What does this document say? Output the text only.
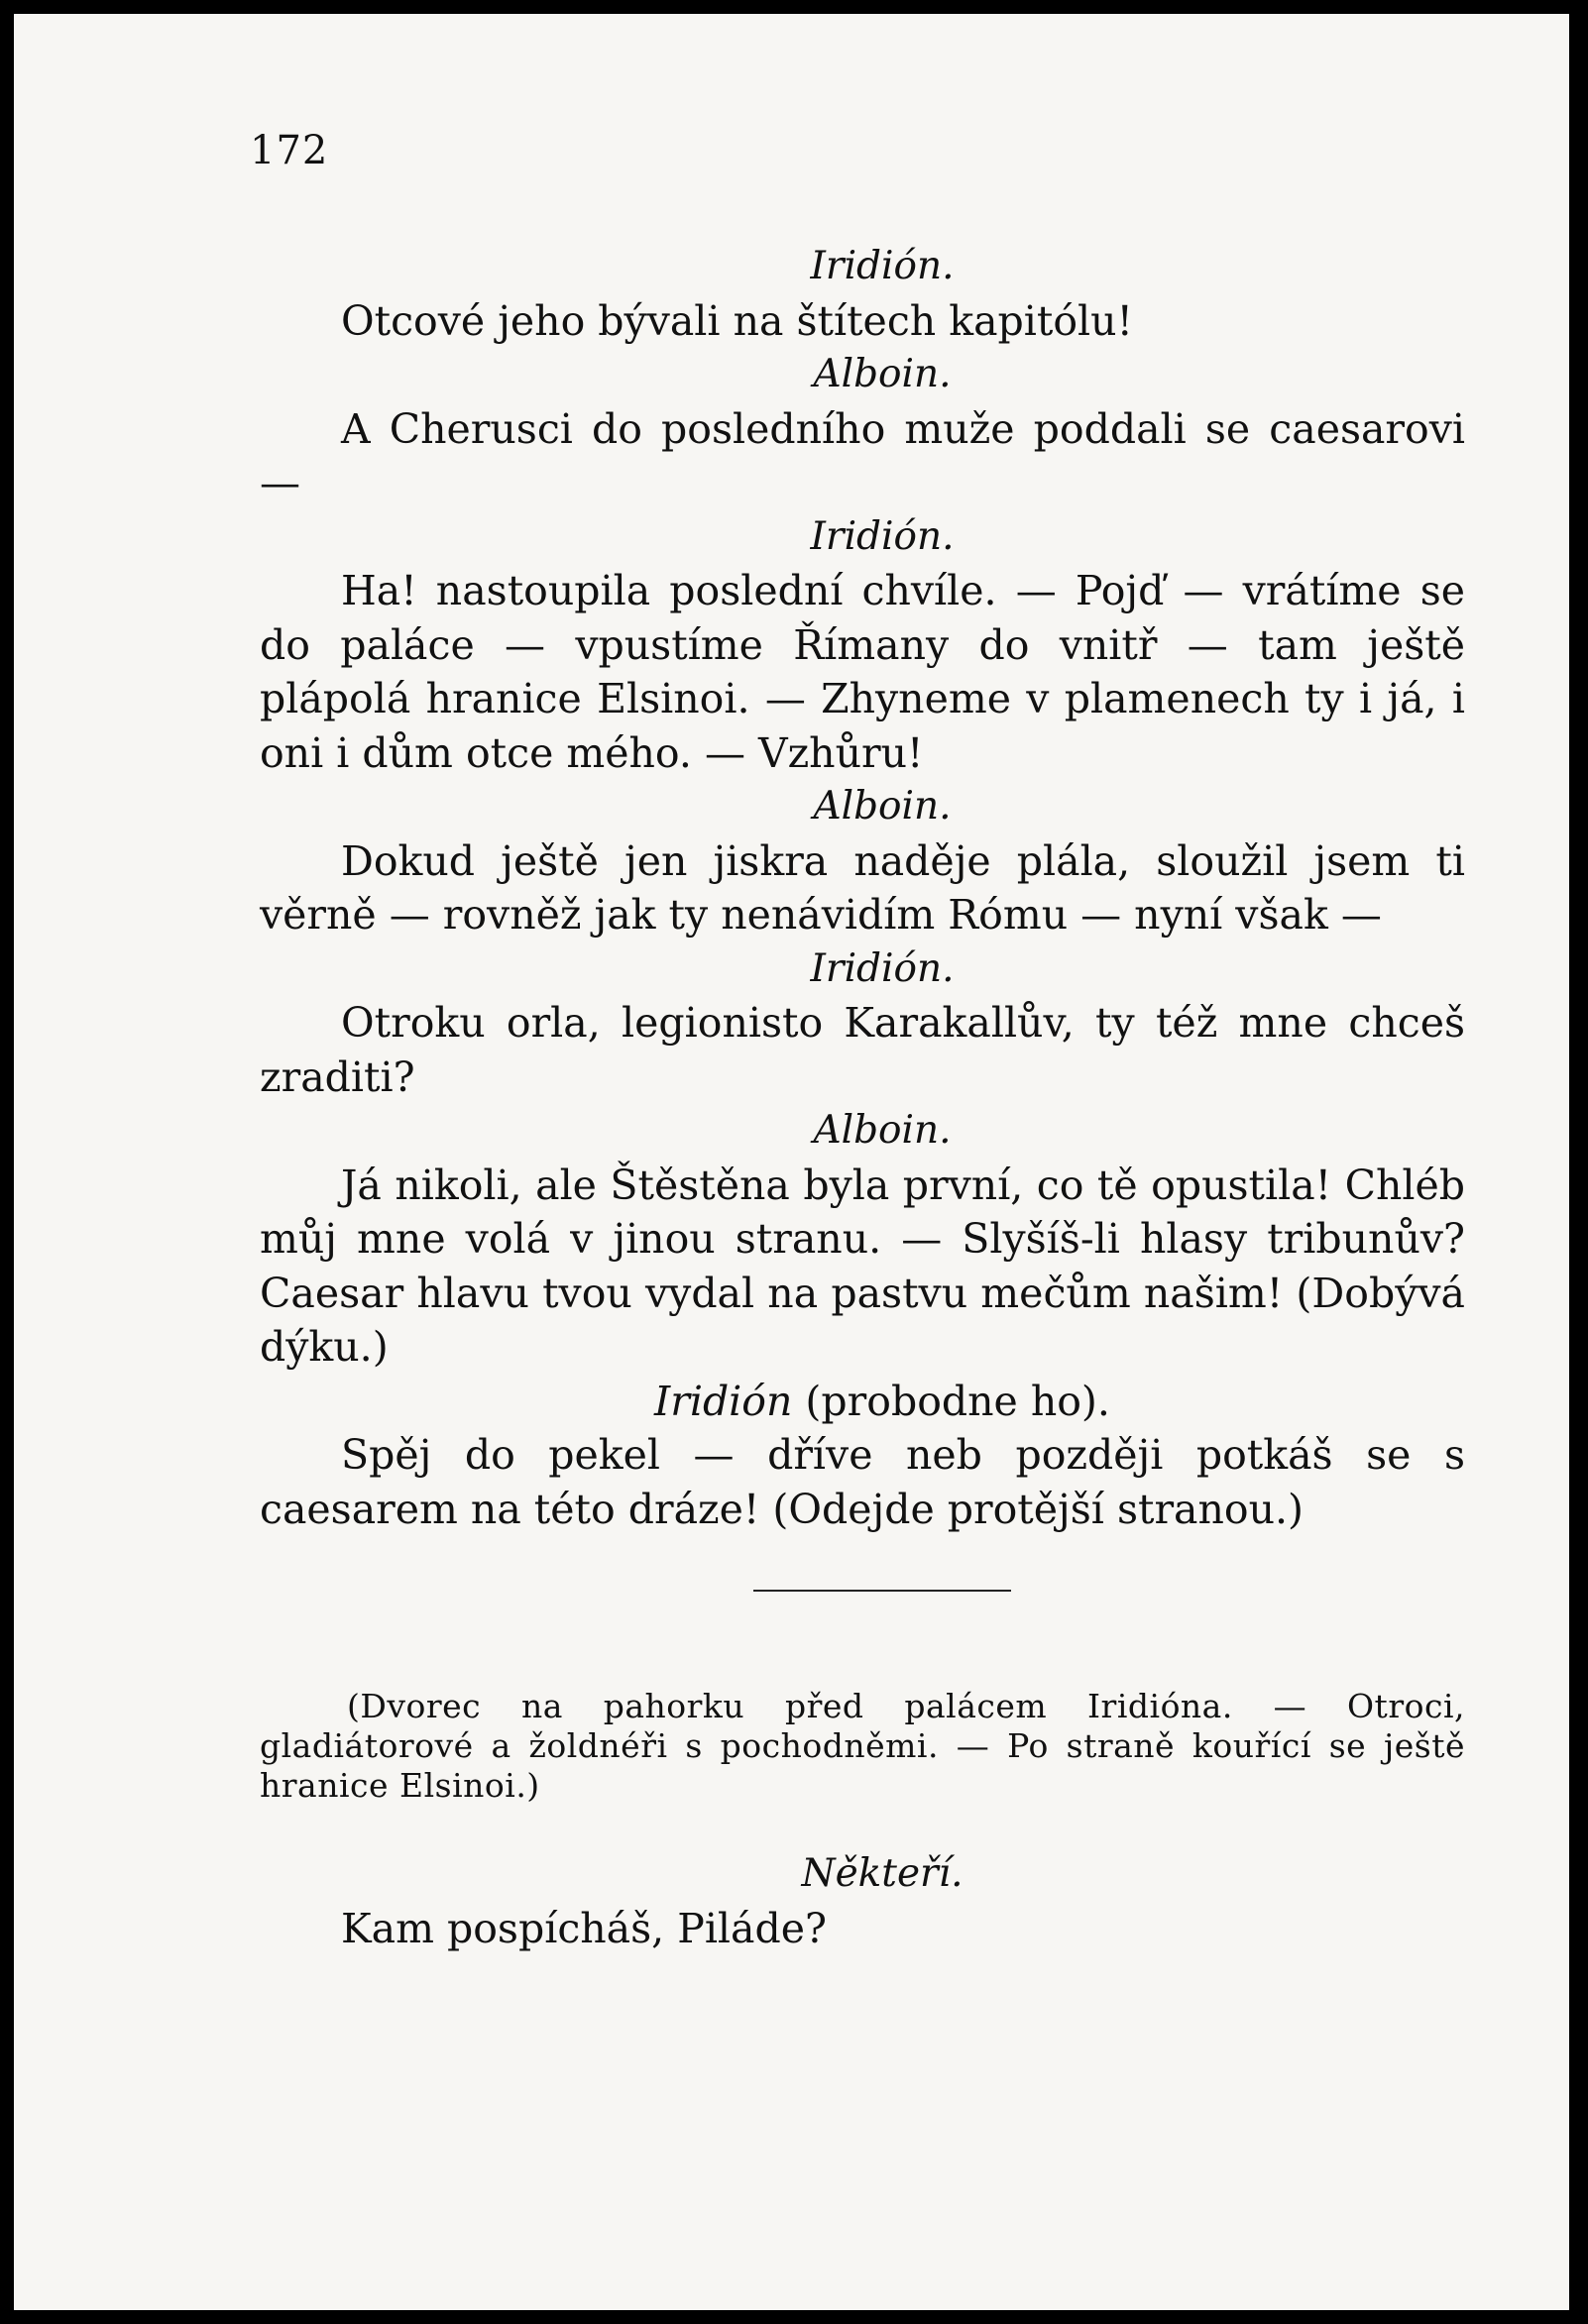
172

Iridión.

Otcové jeho bývali na štítech kapitólu!

Alboin.

A Cherusci do posledního muže poddali se caesarovi —

Iridión.

Ha! nastoupila poslední chvíle. — Pojď — vrátíme se do paláce — vpustíme Římany do vnitř — tam ještě plápolá hranice Elsinoi. — Zhyneme v plamenech ty i já, i oni i dům otce mého. — Vzhůru!

Alboin.

Dokud ještě jen jiskra naděje plála, sloužil jsem ti věrně — rovněž jak ty nenávidím Rómu — nyní však —

Iridión.

Otroku orla, legionisto Karakallův, ty též mne chceš zraditi?

Alboin.

Já nikoli, ale Štěstěna byla první, co tě opustila! Chléb můj mne volá v jinou stranu. — Slyšíš-li hlasy tribunův? Caesar hlavu tvou vydal na pastvu mečům našim! (Dobývá dýku.)

Iridión (probodne ho).

Spěj do pekel — dříve neb později potkáš se s caesarem na této dráze! (Odejde protější stranou.)

(Dvorec na pahorku před palácem Iridióna. — Otroci, gladiátorové a žoldnéři s pochodněmi. — Po straně kouřící se ještě hranice Elsinoi.)

Někteří.

Kam pospícháš, Piláde?
